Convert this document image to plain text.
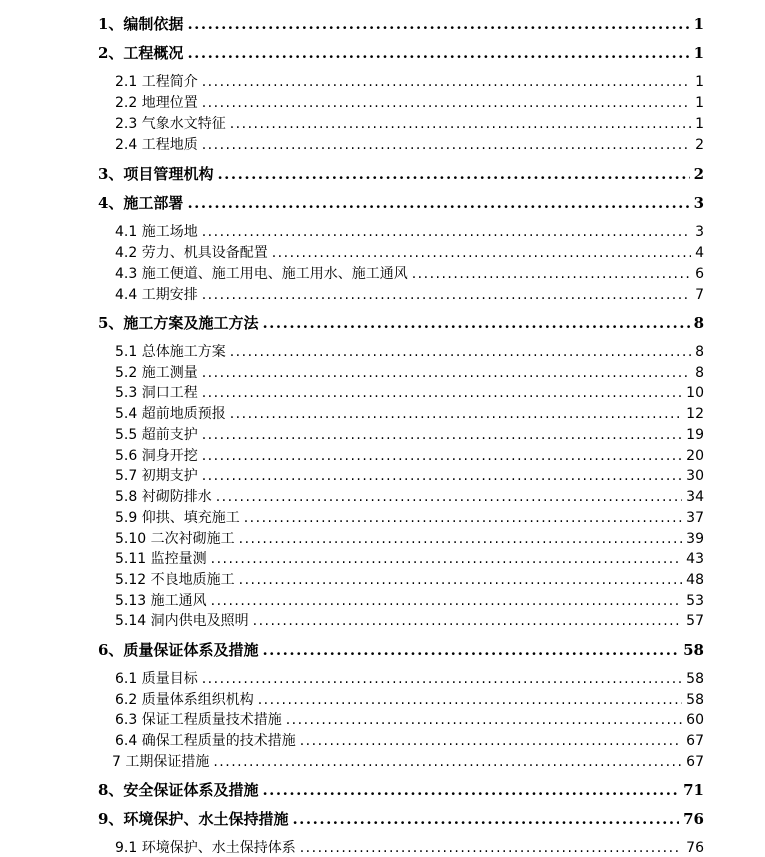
1、编制依据 .....	1
2、工程概况 .....	1
2.1 工程简介 .....	1
2.2 地理位置 .....	1
2.3 气象水文特征 .....	1
2.4 工程地质 .....	2
3、项目管理机构 .....	2
4、施工部署 .....	3
4.1 施工场地 .....	3
4.2 劳力、机具设备配置 .....	4
4.3 施工便道、施工用电、施工用水、施工通风 .....	6
4.4 工期安排 .....	7
5、施工方案及施工方法 .....	8
5.1 总体施工方案 .....	8
5.2 施工测量 .....	8
5.3 洞口工程 .....	10
5.4 超前地质预报 .....	12
5.5 超前支护 .....	19
5.6 洞身开挖 .....	20
5.7 初期支护 .....	30
5.8 衬砌防排水 .....	34
5.9 仰拱、填充施工 .....	37
5.10 二次衬砌施工 .....	39
5.11 监控量测 .....	43
5.12 不良地质施工 .....	48
5.13 施工通风 .....	53
5.14 洞内供电及照明 .....	57
6、质量保证体系及措施 .....	58
6.1 质量目标 .....	58
6.2 质量体系组织机构 .....	58
6.3 保证工程质量技术措施 .....	60
6.4 确保工程质量的技术措施 .....	67
7 工期保证措施 .....	67
8、安全保证体系及措施 .....	71
9、环境保护、水土保持措施 .....	76
9.1 环境保护、水土保持体系 .....	76
